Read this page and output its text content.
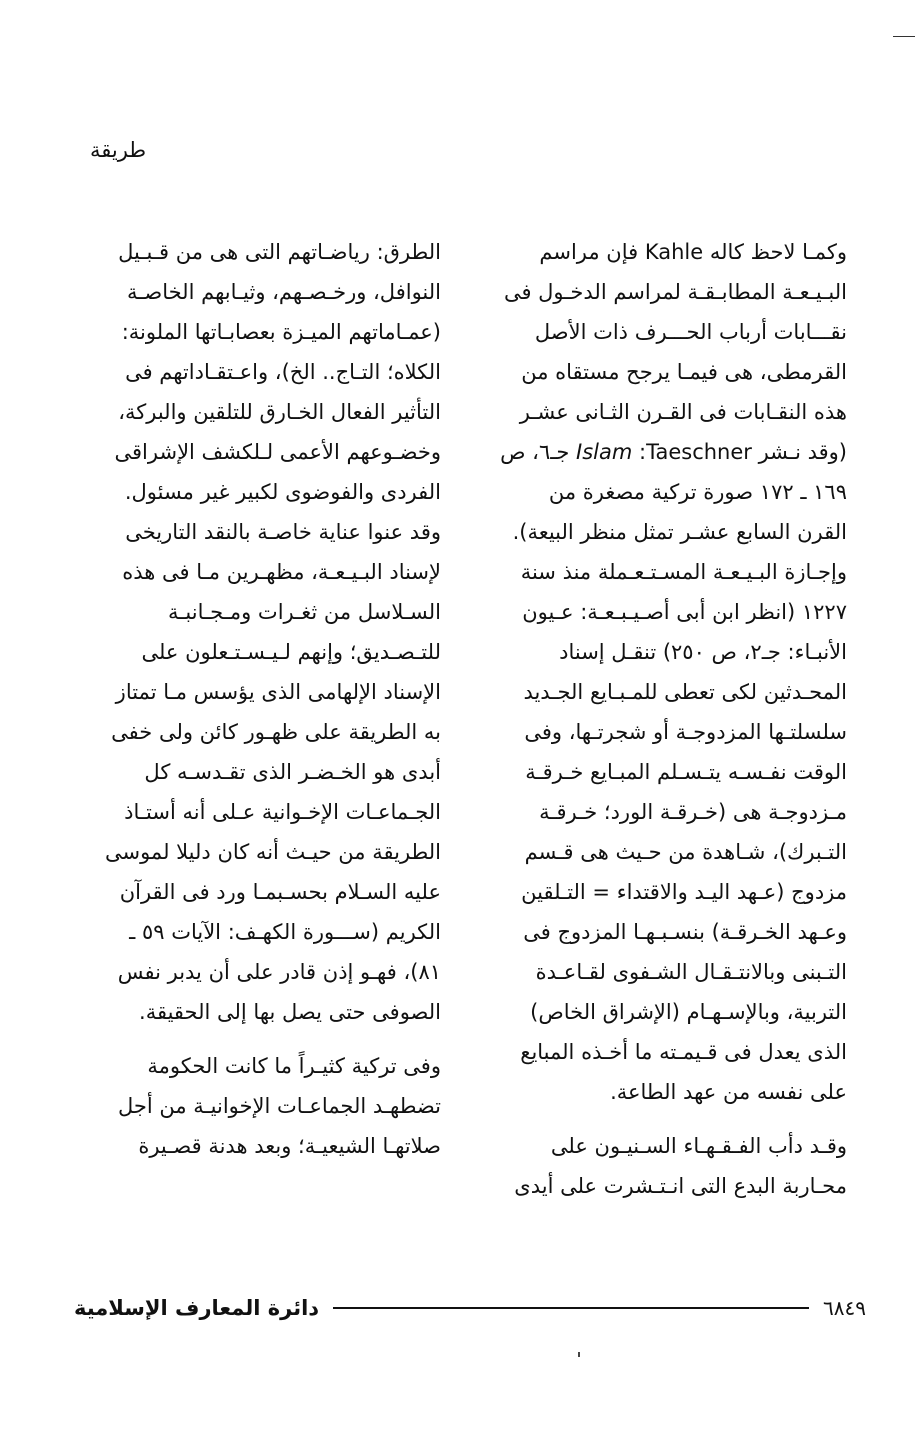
طريقة

وكمـا لاحظ كاله Kahle فإن مراسم
البـيـعـة المطابـقـة لمراسم الدخـول فى
نقـــابات أرباب الحـــرف ذات الأصل
القرمطى، هى فيمـا يرجح مستقاه من
هذه النقـابات فى القـرن الثـانى عشـر
(وقد نـشر Taeschner: Islam جـ٦، ص
١٦٩ ـ ١٧٢ صورة تركية مصغرة من
القرن السابع عشـر تمثل منظر البيعة).
وإجـازة البـيـعـة المسـتـعـملة منذ سنة
١٢٢٧ (انظر ابن أبى أصـيـبـعـة: عـيون
الأنبـاء: جـ٢، ص ٢٥٠) تنقـل إسناد
المحـدثين لكى تعطى للمـبـايع الجـديد
سلسلتـها المزدوجـة أو شجرتـها، وفى
الوقت نفـسـه يتـسـلم المبـايع خـرقـة
مـزدوجـة هى (خـرقـة الورد؛ خـرقـة
التـبرك)، شـاهدة من حـيث هى قـسم
مزدوج (عـهد اليـد والاقتداء = التـلقين
وعـهد الخـرقـة) بنسـبـهـا المزدوج فى
التـبنى وبالانتـقـال الشـفوى لقـاعـدة
التربية، وبالإسـهـام (الإشراق الخاص)
الذى يعدل فى قـيمـته ما أخـذه المبايع
على نفسه من عهد الطاعة.

وقـد دأب الفـقـهـاء السـنيـون على
محـاربة البدع التى انـتـشرت على أيدى

الطرق: رياضـاتهم التى هى من قـبـيل
النوافل، ورخـصـهم، وثيـابهم الخاصـة
(عمـاماتهم الميـزة بعصابـاتها الملونة:
الكلاه؛ التـاج.. الخ)، واعـتقـاداتهم فى
التأثير الفعال الخـارق للتلقين والبركة،
وخضـوعهم الأعمى لـلكشف الإشراقى
الفردى والفوضوى لكبير غير مسئول.
وقد عنوا عناية خاصـة بالنقد التاريخى
لإسناد البـيـعـة، مظهـرين مـا فى هذه
السـلاسل من ثغـرات ومـجـانبـة
للتـصـديق؛ وإنهم لـيـسـتـعلون على
الإسناد الإلهامى الذى يؤسس مـا تمتاز
به الطريقة على ظهـور كائن ولى خفى
أبدى هو الخـضـر الذى تقـدسـه كل
الجـماعـات الإخـوانية عـلى أنه أستـاذ
الطريقة من حيـث أنه كان دليلا لموسى
عليه السـلام بحسـبمـا ورد فى القرآن
الكريم (ســـورة الكهـف: الآيات ٥٩ ـ
٨١)، فهـو إذن قادر على أن يدبر نفس
الصوفى حتى يصل بها إلى الحقيقة.

وفى تركية كثيـراً ما كانت الحكومة
تضطهـد الجماعـات الإخوانيـة من أجل
صلاتهـا الشيعيـة؛ وبعد هدنة قصـيرة

دائرة المعارف الإسلامية	٦٨٤٩
